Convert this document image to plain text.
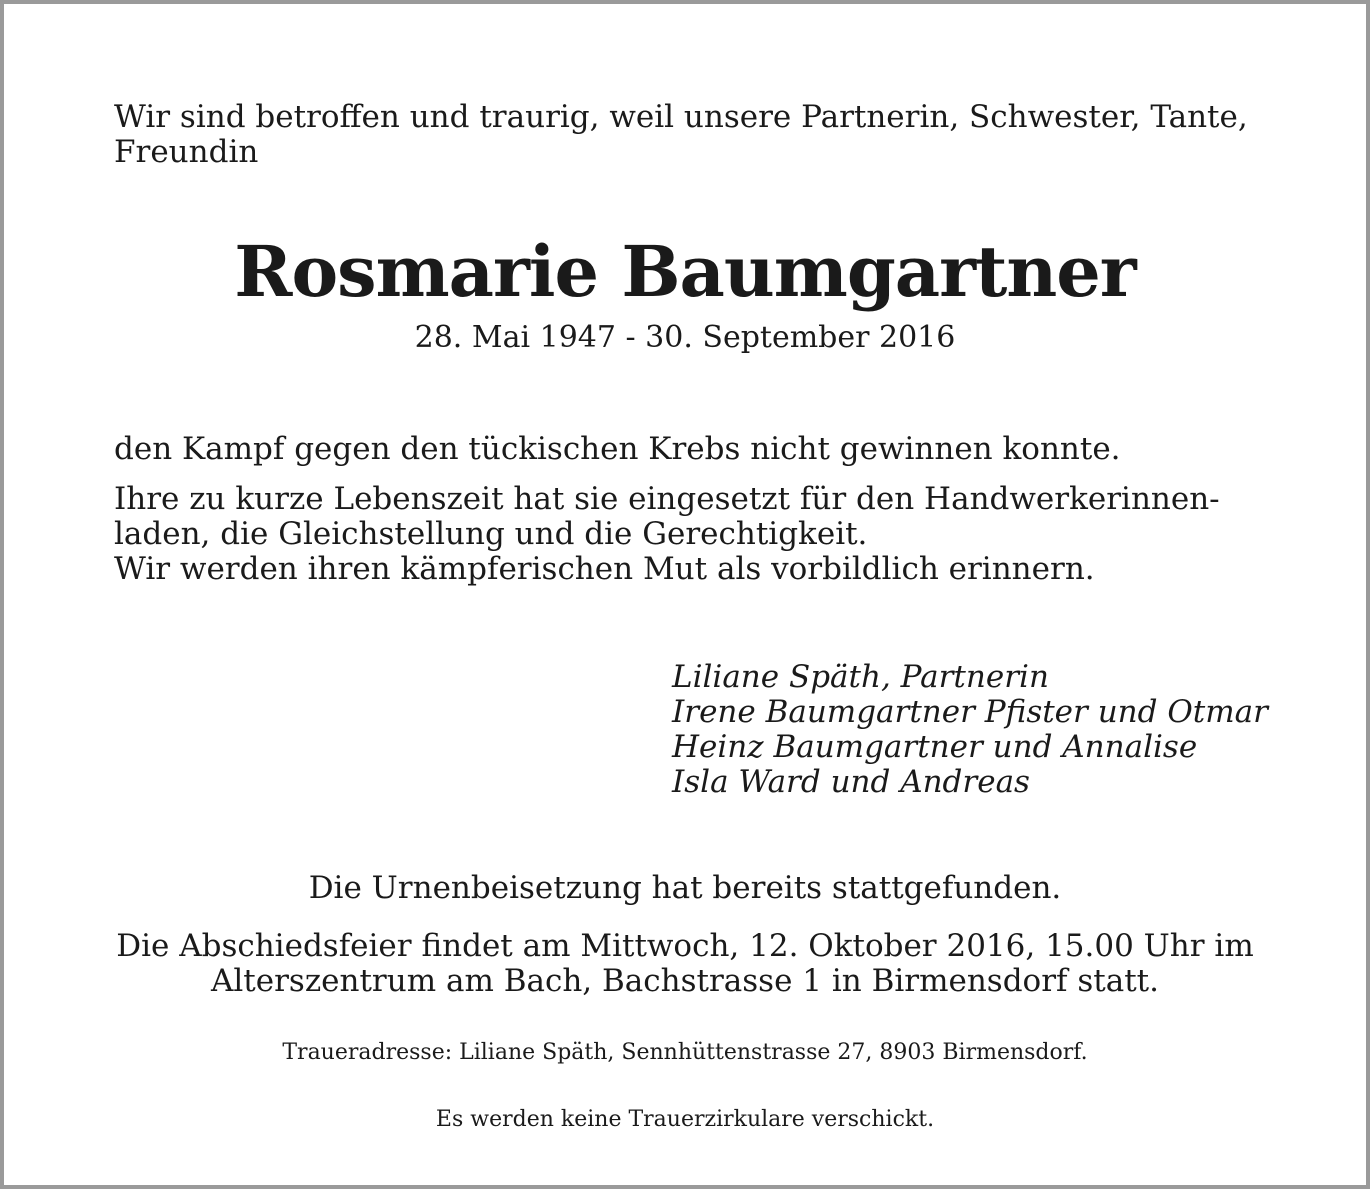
Wir sind betroffen und traurig, weil unsere Partnerin, Schwester, Tante,
Freundin
Rosmarie Baumgartner
28. Mai 1947 - 30. September 2016
den Kampf gegen den tückischen Krebs nicht gewinnen konnte.
Ihre zu kurze Lebenszeit hat sie eingesetzt für den Handwerkerinnen-
laden, die Gleichstellung und die Gerechtigkeit.
Wir werden ihren kämpferischen Mut als vorbildlich erinnern.
Liliane Späth, Partnerin
Irene Baumgartner Pfister und Otmar
Heinz Baumgartner und Annalise
Isla Ward und Andreas
Die Urnenbeisetzung hat bereits stattgefunden.
Die Abschiedsfeier findet am Mittwoch, 12. Oktober 2016, 15.00 Uhr im
Alterszentrum am Bach, Bachstrasse 1 in Birmensdorf statt.
Traueradresse: Liliane Späth, Sennhüttenstrasse 27, 8903 Birmensdorf.
Es werden keine Trauerzirkulare verschickt.
